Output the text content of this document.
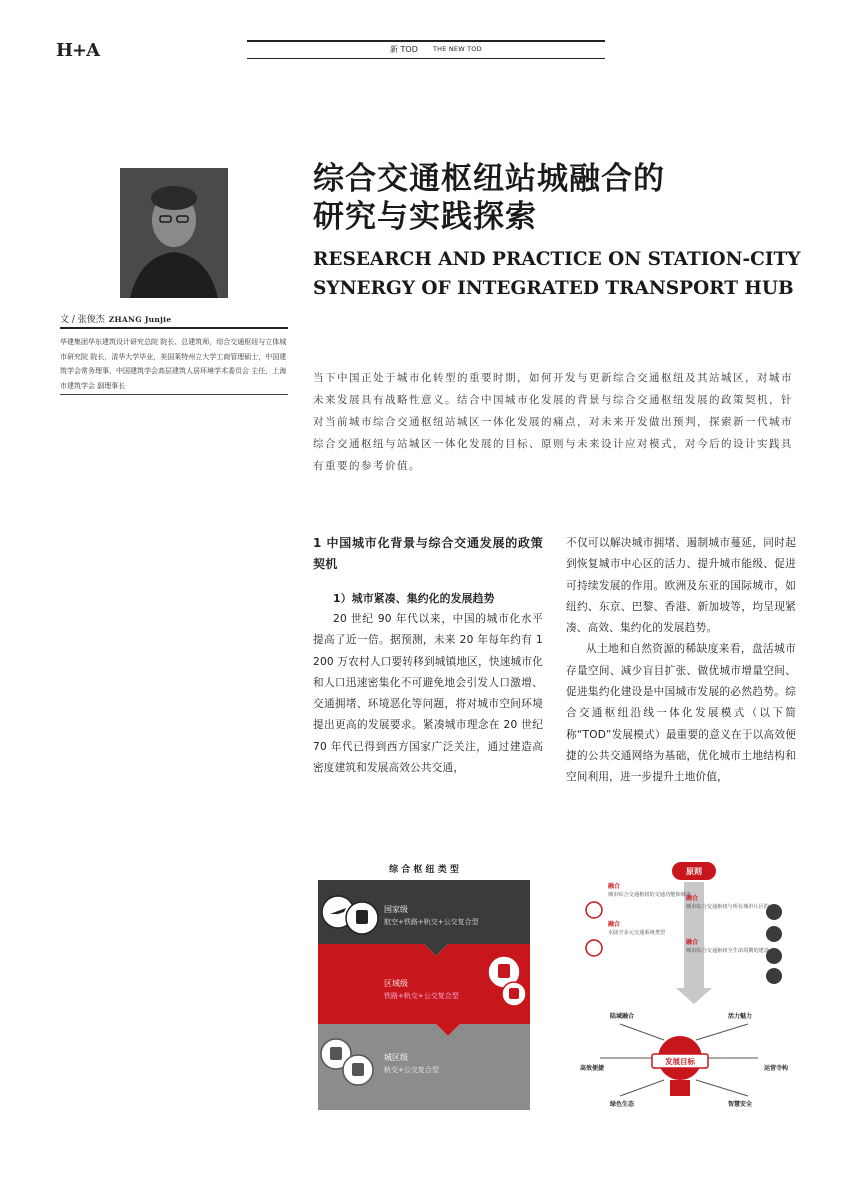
H+A	新 TOD THE NEW TOD
文 / 张俊杰 ZHANG Junjie
华建集团华东建筑设计研究总院 院长、总建筑师，综合交通枢纽与立体城市研究院 院长，清华大学毕业，美国莱特州立大学工商管理硕士，中国建筑学会常务理事，中国建筑学会高层建筑人居环境学术委员会 主任，上海市建筑学会 副理事长
综合交通枢纽站城融合的
研究与实践探索
RESEARCH AND PRACTICE ON STATION-CITY
SYNERGY OF INTEGRATED TRANSPORT HUB
当下中国正处于城市化转型的重要时期，如何开发与更新综合交通枢纽及其站城区，对城市未来发展具有战略性意义。结合中国城市化发展的背景与综合交通枢纽发展的政策契机，针对当前城市综合交通枢纽站城区一体化发展的痛点，对未来开发做出预判，探索新一代城市综合交通枢纽与站城区一体化发展的目标、原则与未来设计应对模式，对今后的设计实践具有重要的参考价值。
1 中国城市化背景与综合交通发展的政策契机
1）城市紧凑、集约化的发展趋势

20 世纪 90 年代以来，中国的城市化水平提高了近一倍。据预测，未来 20 年每年约有 1 200 万农村人口要转移到城镇地区，快速城市化和人口迅速密集化不可避免地会引发人口激增、交通拥堵、环境恶化等问题，将对城市空间环境提出更高的发展要求。紧凑城市理念在 20 世纪 70 年代已得到西方国家广泛关注，通过建造高密度建筑和发展高效公共交通，

不仅可以解决城市拥堵、遏制城市蔓延，同时起到恢复城市中心区的活力、提升城市能级、促进可持续发展的作用。欧洲及东亚的国际城市，如纽约、东京、巴黎、香港、新加坡等，均呈现紧凑、高效、集约化的发展趋势。

从土地和自然资源的稀缺度来看，盘活城市存量空间、减少盲目扩张、做优城市增量空间、促进集约化建设是中国城市发展的必然趋势。综合交通枢纽沿线一体化发展模式（以下简称“TOD”发展模式）最重要的意义在于以高效便捷的公共交通网络为基础，优化城市土地结构和空间利用，进一步提升土地价值，

综 合 枢 纽 类 型
国家级
航空+铁路+轨交+公交复合型
区域级
铁路+轨交+公交复合型
城区级
轨交+公交复合型
原则
融合
城市综合交通枢纽的交通功能和城市
融合
城市综合交通枢纽与所在城市片区的
融合
水陆空多元交通系统类型
融合
城市综合交通枢纽全生命周期的建设
发展目标
陆域融合	活力魅力
高效便捷	运营寺构
绿色生态	智慧安全
